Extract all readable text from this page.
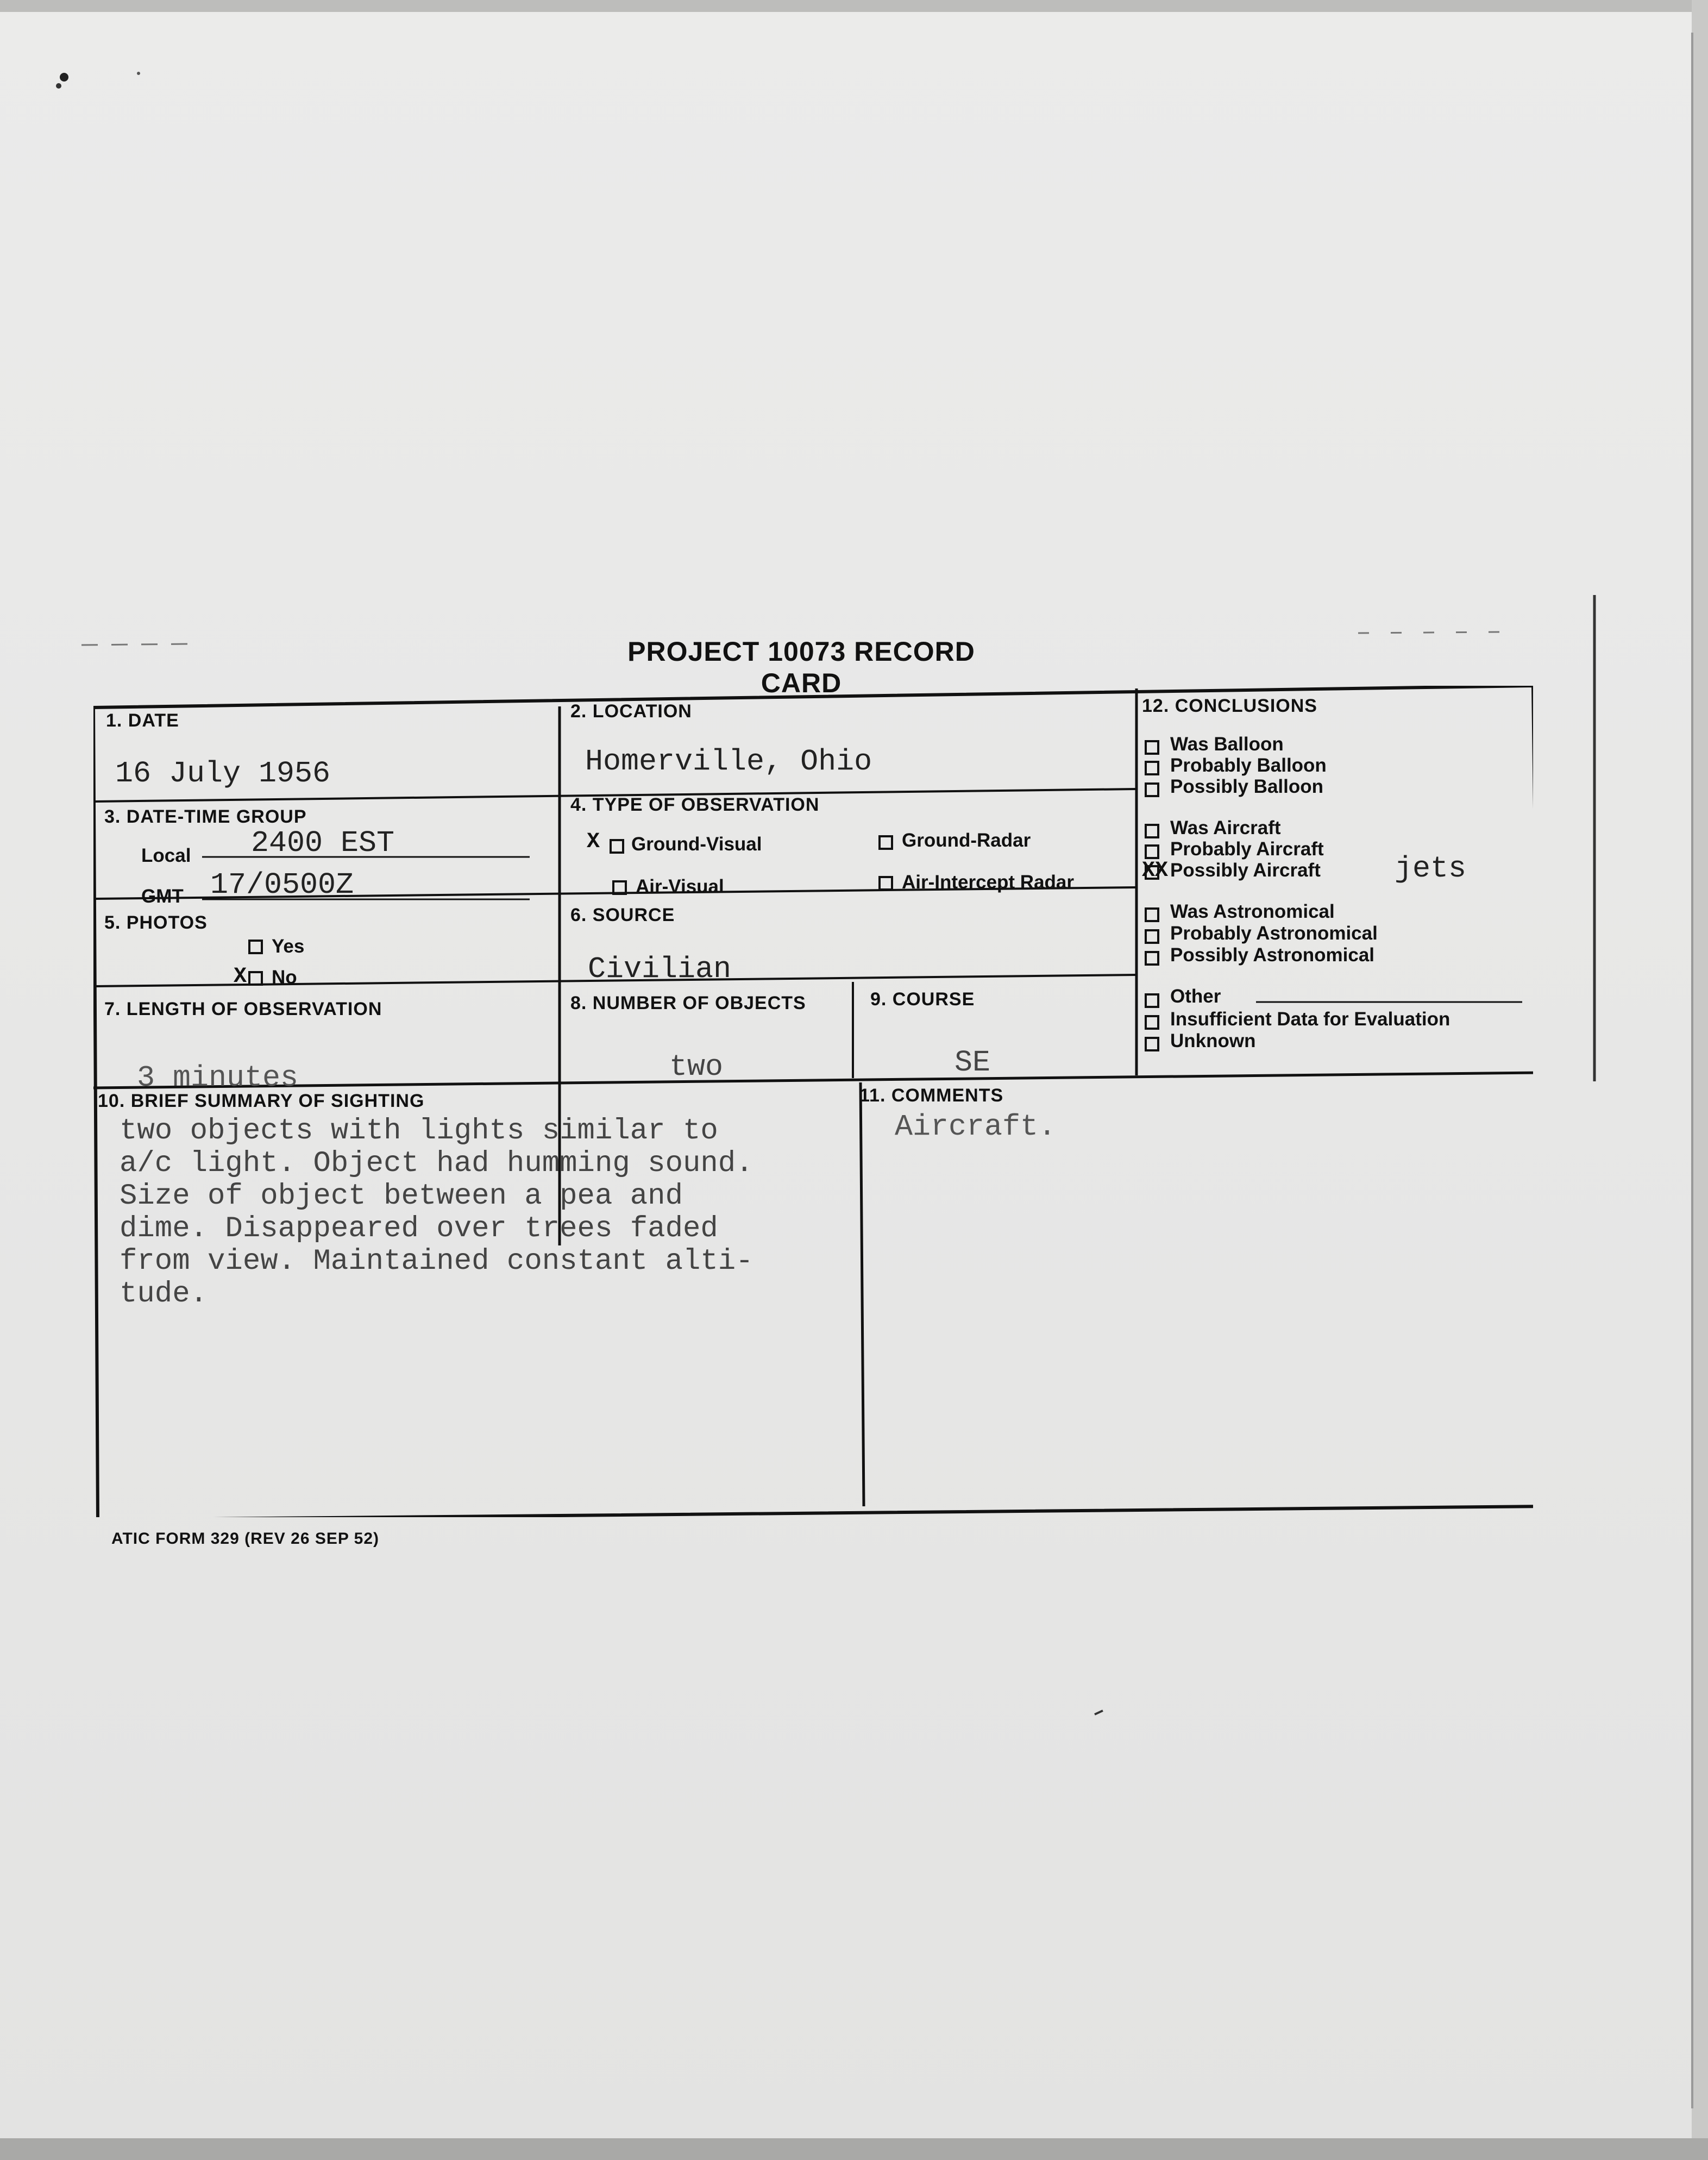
PROJECT 10073 RECORD CARD
1. DATE
16 July 1956
2. LOCATION
Homerville, Ohio
3. DATE-TIME GROUP
Local 2400 EST
GMT 17/0500Z
4. TYPE OF OBSERVATION
X Ground-Visual	Ground-Radar
Air-Visual	Air-Intercept Radar
5. PHOTOS
Yes
X No
6. SOURCE
Civilian
7. LENGTH OF OBSERVATION
3 minutes
8. NUMBER OF OBJECTS
two
9. COURSE
SE
12. CONCLUSIONS
Was Balloon
Probably Balloon
Possibly Balloon
Was Aircraft
Probably Aircraft
XX Possibly Aircraft jets
Was Astronomical
Probably Astronomical
Possibly Astronomical
Other
Insufficient Data for Evaluation
Unknown
10. BRIEF SUMMARY OF SIGHTING
two objects with lights similar to
a/c light. Object had humming sound.
Size of object between a pea and
dime. Disappeared over trees faded
from view. Maintained constant alti-
tude.
11. COMMENTS
Aircraft.
ATIC FORM 329 (REV 26 SEP 52)
